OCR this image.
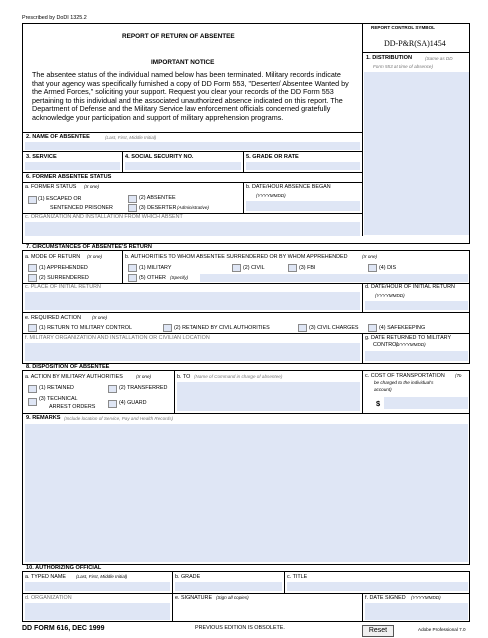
Prescribed by DoDI 1325.2
REPORT OF RETURN OF ABSENTEE
REPORT CONTROL SYMBOL
DD-P&R(SA)1454
IMPORTANT NOTICE
The absentee status of the individual named below has been terminated. Military records indicate that your agency was specifically furnished a copy of DD Form 553, "Deserter/ Absentee Wanted by the Armed Forces," soliciting your support. Request you clear your records of the DD Form 553 pertaining to this individual and the associated unauthorized absence indicated on this report. The Department of Defense and the Military Service law enforcement officials concerned gratefully acknowledge your participation and support of military apprehension programs.
1. DISTRIBUTION	(Same as DD
Form 553 at time of absence)
2. NAME OF ABSENTEE	(Last, First, Middle Initial)
3. SERVICE	4. SOCIAL SECURITY NO.	5. GRADE OR RATE
6. FORMER ABSENTEE STATUS
a. FORMER STATUS (X one)
(1) ESCAPED OR
SENTENCED PRISONER
(2) ABSENTEE
(3) DESERTER (Administrative)
b. DATE/HOUR ABSENCE BEGAN
(YYYYMMDD)
c. ORGANIZATION AND INSTALLATION FROM WHICH ABSENT
7. CIRCUMSTANCES OF ABSENTEE'S RETURN
a. MODE OF RETURN (X one)	b. AUTHORITIES TO WHOM ABSENTEE SURRENDERED OR BY WHOM APPREHENDED	(X one)
(1) APPREHENDED
(2) SURRENDERED
(1) MILITARY	(2) CIVIL	(3) FBI	(4) DIS
(5) OTHER (Specify)
c. PLACE OF INITIAL RETURN	d. DATE/HOUR OF INITIAL RETURN
(YYYYMMDD)
e. REQUIRED ACTION (X one)
(1) RETURN TO MILITARY CONTROL	(2) RETAINED BY CIVIL AUTHORITIES	(3) CIVIL CHARGES	(4) SAFEKEEPING
f. MILITARY ORGANIZATION AND INSTALLATION OR CIVILIAN LOCATION	g. DATE RETURNED TO MILITARY
CONTROL
(YYYYMMDD)
8. DISPOSITION OF ABSENTEE
a. ACTION BY MILITARY AUTHORITIES	(X one)
(1) RETAINED	(2) TRANSFERRED
(3) TECHNICAL
ARREST ORDERS
(4) GUARD
b. TO (Name of Command in charge of absentee)	c. COST OF TRANSPORTATION (To
be charged to the individual's
account)
$
9. REMARKS (Include location of Service, Pay and Health Records)
10. AUTHORIZING OFFICIAL
a. TYPED NAME (Last, First, Middle Initial)	b. GRADE	c. TITLE
d. ORGANIZATION	e. SIGNATURE (Sign all copies)	f. DATE SIGNED (YYYYMMDD)
DD FORM 616, DEC 1999	PREVIOUS EDITION IS OBSOLETE.	Reset	Adobe Professional 7.0
